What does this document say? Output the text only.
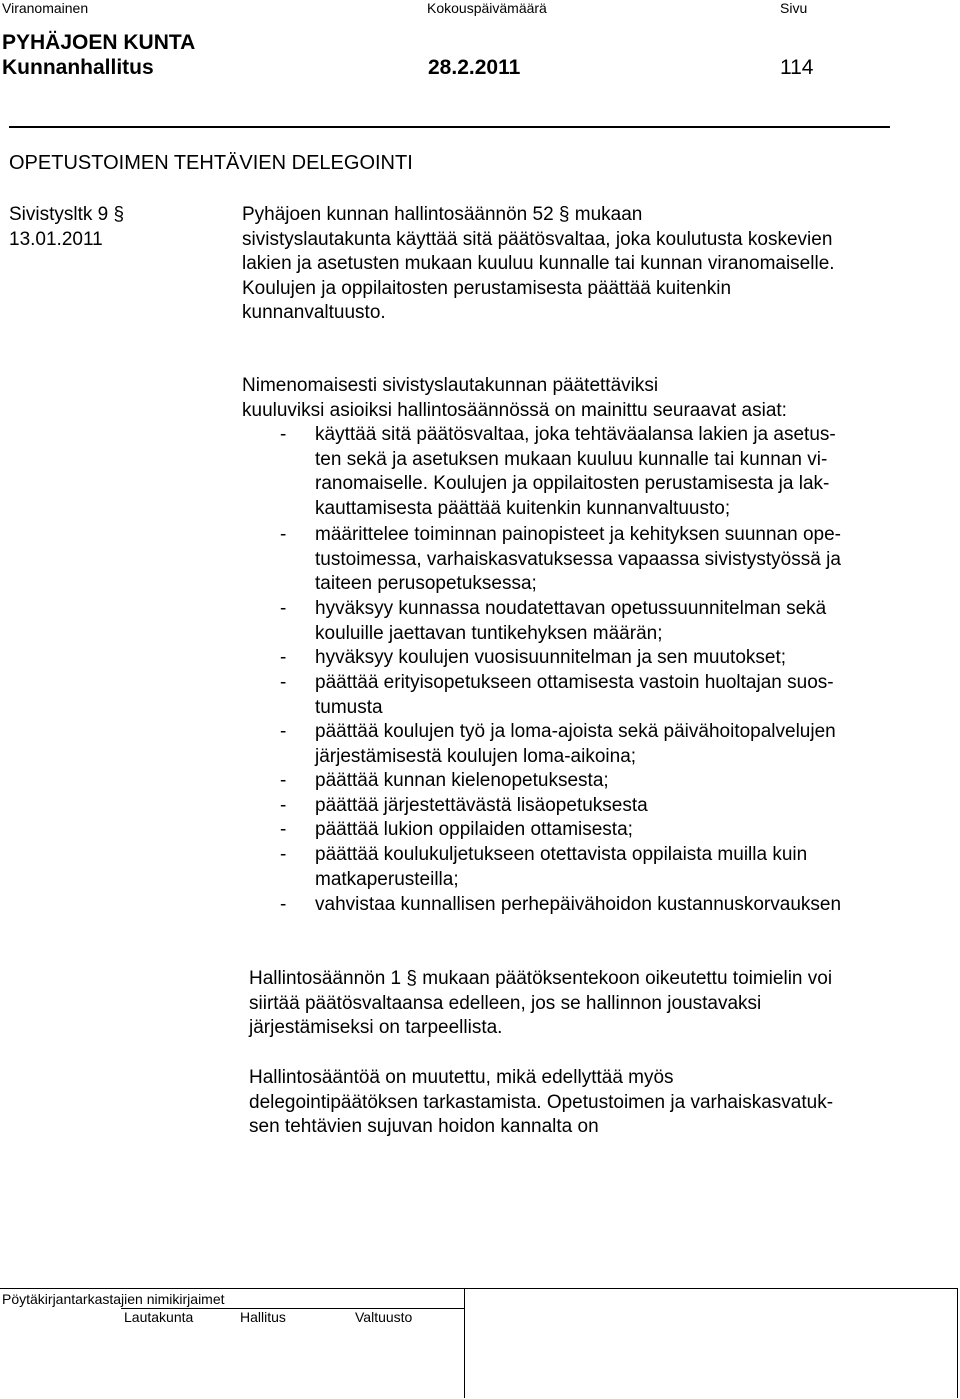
Viranomainen	Kokouspäivämäärä	Sivu
PYHÄJOEN KUNTA
Kunnanhallitus	28.2.2011	114
OPETUSTOIMEN TEHTÄVIEN DELEGOINTI
Sivistysltk 9 §
13.01.2011
Pyhäjoen kunnan hallintosäännön 52 § mukaan
sivistyslautakunta käyttää sitä päätösvaltaa, joka koulutusta koskevien
lakien ja asetusten mukaan kuuluu kunnalle tai kunnan viranomaiselle.
Koulujen ja oppilaitosten perustamisesta päättää kuitenkin
kunnanvaltuusto.
Nimenomaisesti sivistyslautakunnan päätettäviksi
kuuluviksi asioiksi hallintosäännössä on mainittu seuraavat asiat:
- käyttää sitä päätösvaltaa, joka tehtäväalansa lakien ja asetus-
ten sekä ja asetuksen mukaan kuuluu kunnalle tai kunnan vi-
ranomaiselle. Koulujen ja oppilaitosten perustamisesta ja lak-
kauttamisesta päättää kuitenkin kunnanvaltuusto;
- määrittelee toiminnan painopisteet ja kehityksen suunnan ope-
tustoimessa, varhaiskasvatuksessa vapaassa sivistystyössä ja
taiteen perusopetuksessa;
- hyväksyy kunnassa noudatettavan opetussuunnitelman sekä
kouluille jaettavan tuntikehyksen määrän;
- hyväksyy koulujen vuosisuunnitelman ja sen muutokset;
- päättää erityisopetukseen ottamisesta vastoin huoltajan suos-
tumusta
- päättää koulujen työ ja loma-ajoista sekä päivähoitopalvelujen
järjestämisestä koulujen loma-aikoina;
- päättää kunnan kielenopetuksesta;
- päättää järjestettävästä lisäopetuksesta
- päättää lukion oppilaiden ottamisesta;
- päättää koulukuljetukseen otettavista oppilaista muilla kuin
matkaperusteilla;
- vahvistaa kunnallisen perhepäivähoidon kustannuskorvauksen
Hallintosäännön 1 § mukaan päätöksentekoon oikeutettu toimielin voi
siirtää päätösvaltaansa edelleen, jos se hallinnon joustavaksi
järjestämiseksi on tarpeellista.
Hallintosääntöä on muutettu, mikä edellyttää myös
delegointipäätöksen tarkastamista. Opetustoimen ja varhaiskasvatuk-
sen tehtävien sujuvan hoidon kannalta on
Pöytäkirjantarkastajien nimikirjaimet
Lautakunta	Hallitus	Valtuusto
